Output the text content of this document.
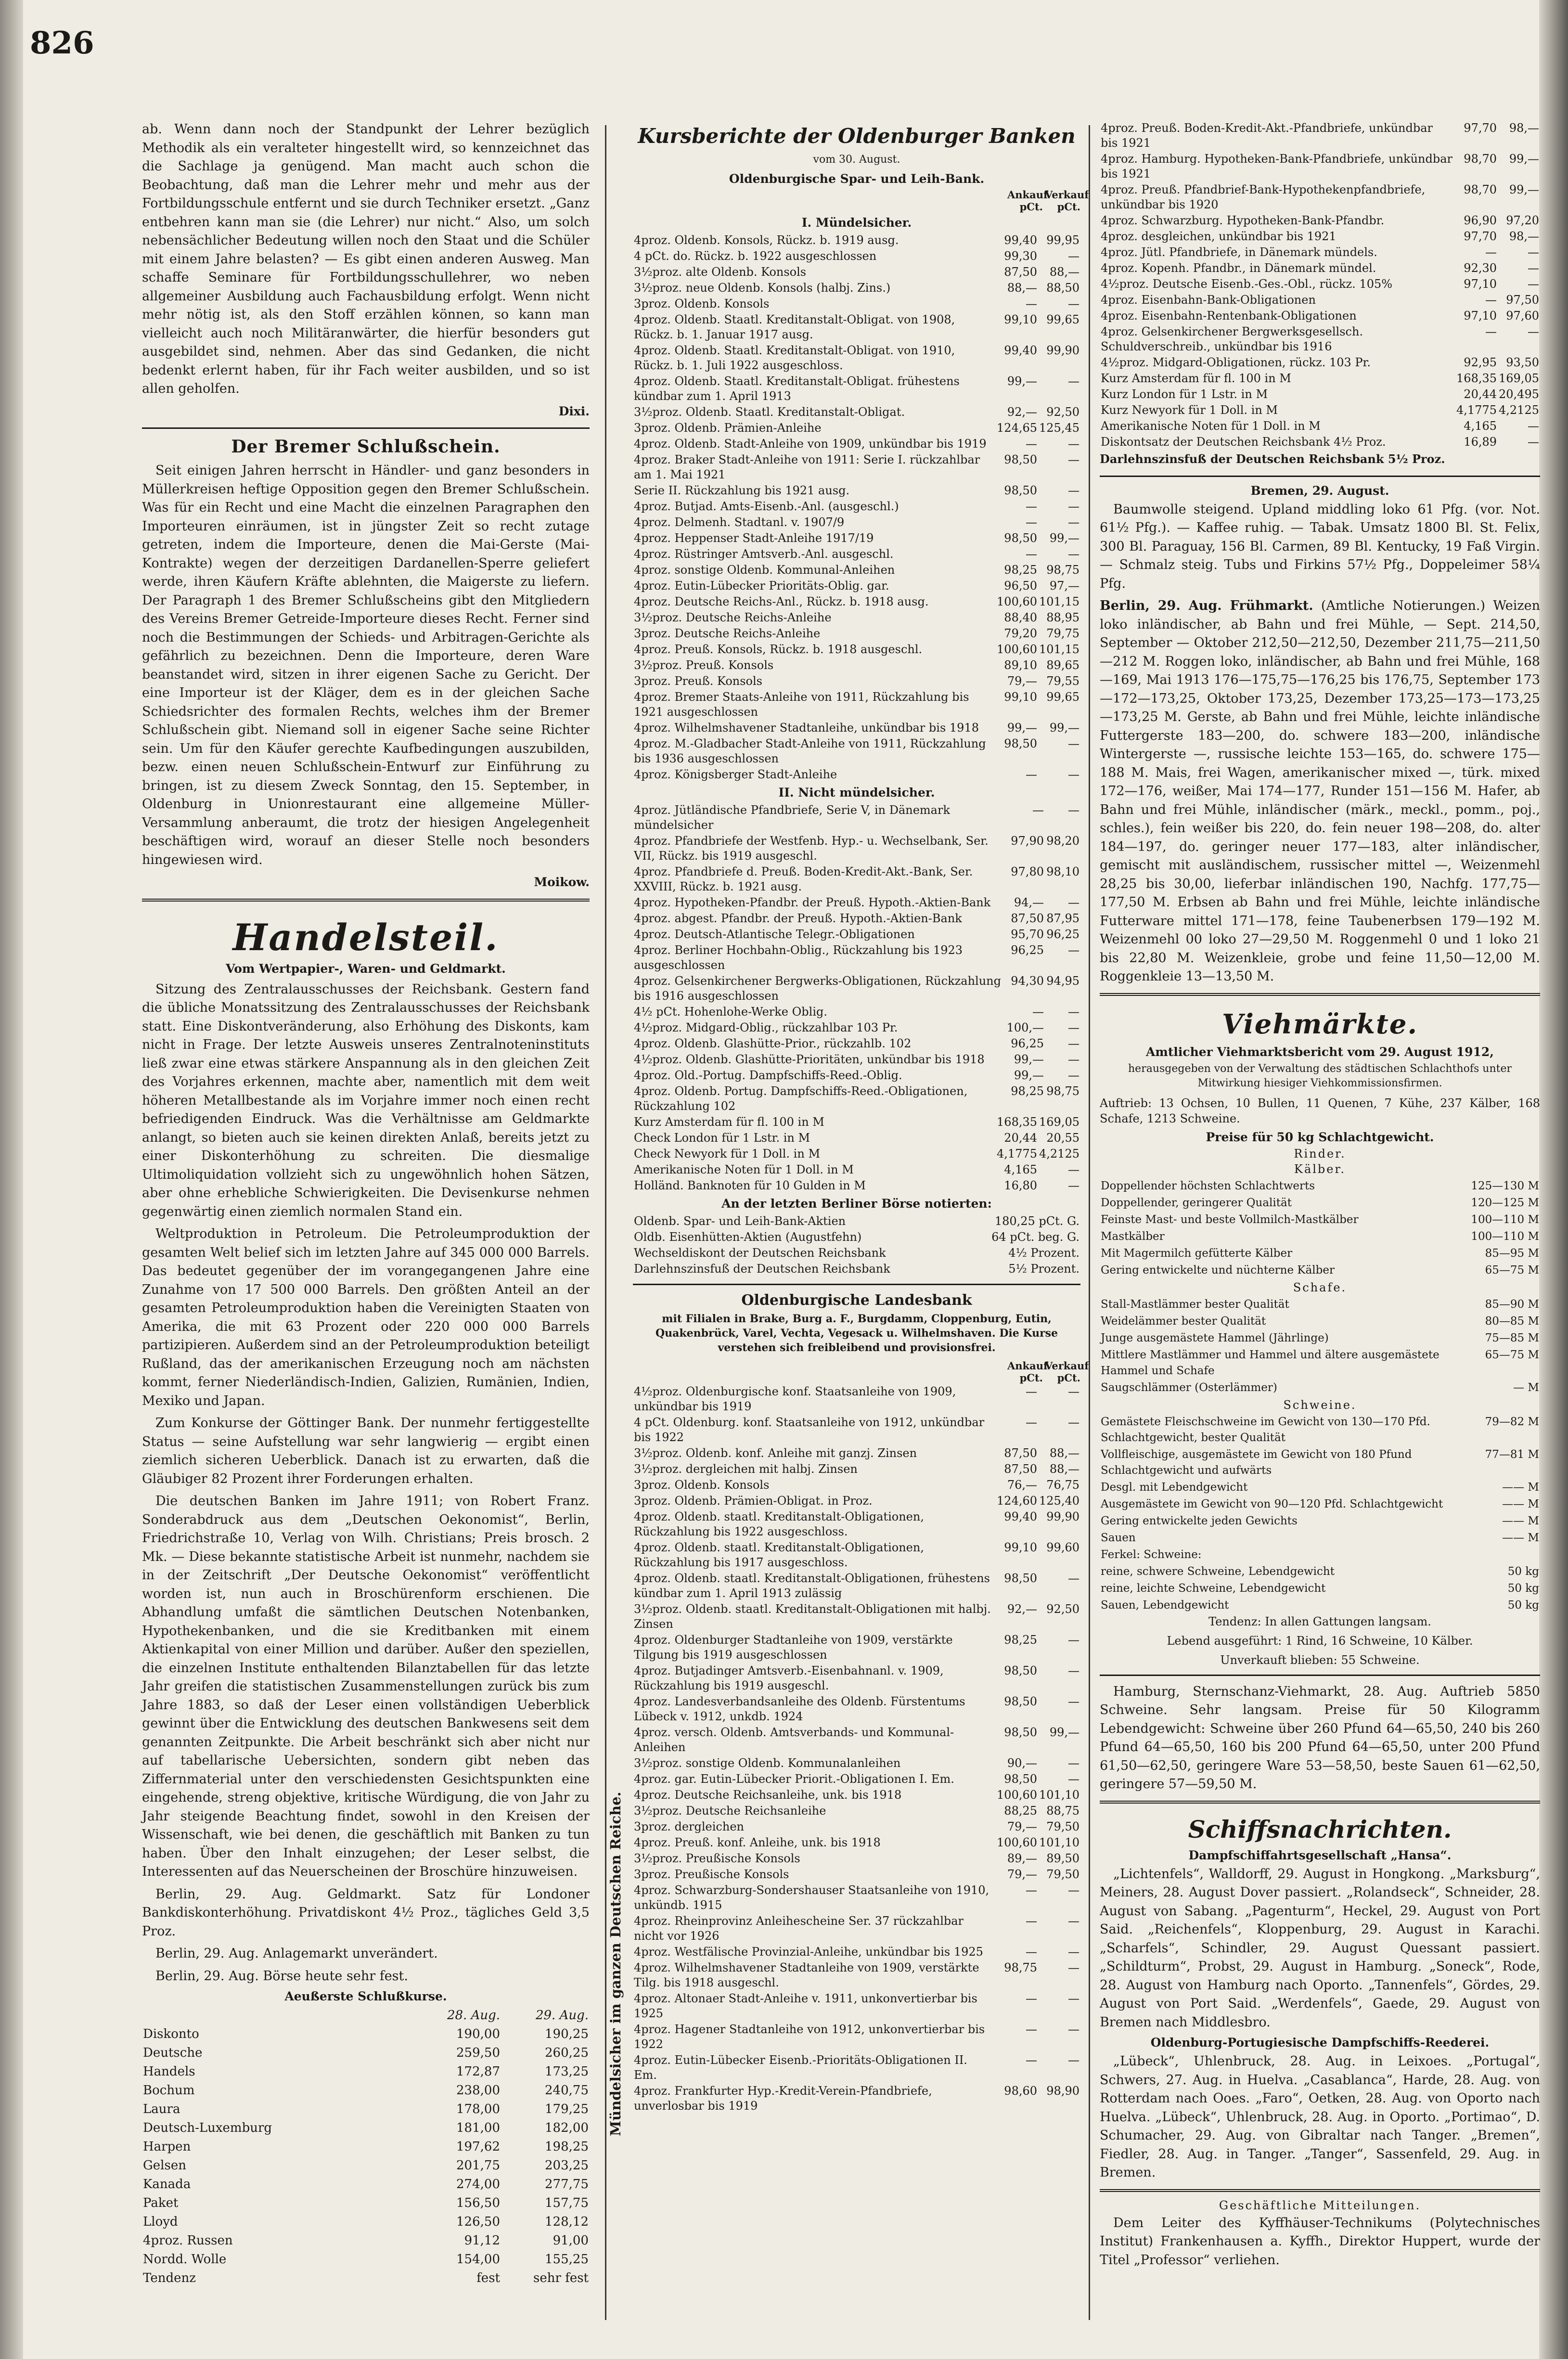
826
Mündelsicher im ganzen Deutschen Reiche.

ab. Wenn dann noch der Standpunkt der Lehrer bezüglich Methodik als ein veralteter hingestellt wird, so kennzeichnet das die Sachlage ja genügend. Man macht auch schon die Beobachtung, daß man die Lehrer mehr und mehr aus der Fortbildungsschule entfernt und sie durch Techniker ersetzt. „Ganz entbehren kann man sie (die Lehrer) nur nicht.“ Also, um solch nebensächlicher Bedeutung willen noch den Staat und die Schüler mit einem Jahre belasten? — Es gibt einen anderen Ausweg. Man schaffe Seminare für Fortbildungsschullehrer, wo neben allgemeiner Ausbildung auch Fachausbildung erfolgt. Wenn nicht mehr nötig ist, als den Stoff erzählen können, so kann man vielleicht auch noch Militäranwärter, die hierfür besonders gut ausgebildet sind, nehmen. Aber das sind Gedanken, die nicht bedenkt erlernt haben, für ihr Fach weiter ausbilden, und so ist allen geholfen.

Dixi.

Der Bremer Schlußschein.

Seit einigen Jahren herrscht in Händler- und ganz besonders in Müllerkreisen heftige Opposition gegen den Bremer Schlußschein. Was für ein Recht und eine Macht die einzelnen Paragraphen den Importeuren einräumen, ist in jüngster Zeit so recht zutage getreten, indem die Importeure, denen die Mai-Gerste (Mai-Kontrakte) wegen der derzeitigen Dardanellen-Sperre geliefert werde, ihren Käufern Kräfte ablehnten, die Maigerste zu liefern. Der Paragraph 1 des Bremer Schlußscheins gibt den Mitgliedern des Vereins Bremer Getreide-Importeure dieses Recht. Ferner sind noch die Bestimmungen der Schieds- und Arbitragen-Gerichte als gefährlich zu bezeichnen. Denn die Importeure, deren Ware beanstandet wird, sitzen in ihrer eigenen Sache zu Gericht. Der eine Importeur ist der Kläger, dem es in der gleichen Sache Schiedsrichter des formalen Rechts, welches ihm der Bremer Schlußschein gibt. Niemand soll in eigener Sache seine Richter sein. Um für den Käufer gerechte Kaufbedingungen auszubilden, bezw. einen neuen Schlußschein-Entwurf zur Einführung zu bringen, ist zu diesem Zweck Sonntag, den 15. September, in Oldenburg in Unionrestaurant eine allgemeine Müller-Versammlung anberaumt, die trotz der hiesigen Angelegenheit beschäftigen wird, worauf an dieser Stelle noch besonders hingewiesen wird.

Moikow.

Handelsteil.
Vom Wertpapier-, Waren- und Geldmarkt.

Sitzung des Zentralausschusses der Reichsbank. Gestern fand die übliche Monatssitzung des Zentralausschusses der Reichsbank statt. Eine Diskontveränderung, also Erhöhung des Diskonts, kam nicht in Frage. Der letzte Ausweis unseres Zentralnoteninstituts ließ zwar eine etwas stärkere Anspannung als in den gleichen Zeit des Vorjahres erkennen, machte aber, namentlich mit dem weit höheren Metallbestande als im Vorjahre immer noch einen recht befriedigenden Eindruck. Was die Verhältnisse am Geldmarkte anlangt, so bieten auch sie keinen direkten Anlaß, bereits jetzt zu einer Diskonterhöhung zu schreiten. Die diesmalige Ultimoliquidation vollzieht sich zu ungewöhnlich hohen Sätzen, aber ohne erhebliche Schwierigkeiten. Die Devisenkurse nehmen gegenwärtig einen ziemlich normalen Stand ein.

Weltproduktion in Petroleum. Die Petroleumproduktion der gesamten Welt belief sich im letzten Jahre auf 345 000 000 Barrels. Das bedeutet gegenüber der im vorangegangenen Jahre eine Zunahme von 17 500 000 Barrels. Den größten Anteil an der gesamten Petroleumproduktion haben die Vereinigten Staaten von Amerika, die mit 63 Prozent oder 220 000 000 Barrels partizipieren. Außerdem sind an der Petroleumproduktion beteiligt Rußland, das der amerikanischen Erzeugung noch am nächsten kommt, ferner Niederländisch-Indien, Galizien, Rumänien, Indien, Mexiko und Japan.

Zum Konkurse der Göttinger Bank. Der nunmehr fertiggestellte Status — seine Aufstellung war sehr langwierig — ergibt einen ziemlich sicheren Ueberblick. Danach ist zu erwarten, daß die Gläubiger 82 Prozent ihrer Forderungen erhalten.

Die deutschen Banken im Jahre 1911; von Robert Franz. Sonderabdruck aus dem „Deutschen Oekonomist“, Berlin, Friedrichstraße 10, Verlag von Wilh. Christians; Preis brosch. 2 Mk. — Diese bekannte statistische Arbeit ist nunmehr, nachdem sie in der Zeitschrift „Der Deutsche Oekonomist“ veröffentlicht worden ist, nun auch in Broschürenform erschienen. Die Abhandlung umfaßt die sämtlichen Deutschen Notenbanken, Hypothekenbanken, und die sie Kreditbanken mit einem Aktienkapital von einer Million und darüber. Außer den speziellen, die einzelnen Institute enthaltenden Bilanztabellen für das letzte Jahr greifen die statistischen Zusammenstellungen zurück bis zum Jahre 1883, so daß der Leser einen vollständigen Ueberblick gewinnt über die Entwicklung des deutschen Bankwesens seit dem genannten Zeitpunkte. Die Arbeit beschränkt sich aber nicht nur auf tabellarische Uebersichten, sondern gibt neben das Ziffernmaterial unter den verschiedensten Gesichtspunkten eine eingehende, streng objektive, kritische Würdigung, die von Jahr zu Jahr steigende Beachtung findet, sowohl in den Kreisen der Wissenschaft, wie bei denen, die geschäftlich mit Banken zu tun haben. Über den Inhalt einzugehen; der Leser selbst, die Interessenten auf das Neuerscheinen der Broschüre hinzuweisen.

Berlin, 29. Aug. Geldmarkt. Satz für Londoner Bankdiskonterhöhung. Privatdiskont 4½ Proz., tägliches Geld 3,5 Proz.

Berlin, 29. Aug. Anlagemarkt unverändert.

Berlin, 29. Aug. Börse heute sehr fest.

Aeußerste Schlußkurse.
	28. Aug.	29. Aug.
Diskonto	190,00	190,25
Deutsche	259,50	260,25
Handels	172,87	173,25
Bochum	238,00	240,75
Laura	178,00	179,25
Deutsch-Luxemburg	181,00	182,00
Harpen	197,62	198,25
Gelsen	201,75	203,25
Kanada	274,00	277,75
Paket	156,50	157,75
Lloyd	126,50	128,12
4proz. Russen	91,12	91,00
Nordd. Wolle	154,00	155,25
Tendenz	fest	sehr fest
Kursberichte der Oldenburger Banken
vom 30. August.
Oldenburgische Spar- und Leih-Bank.
Ankauf pCt.Verkauf pCt.
I. Mündelsicher.
4proz. Oldenb. Konsols, Rückz. b. 1919 ausg.	99,40	99,95
4 pCt. do. Rückz. b. 1922 ausgeschlossen	99,30	—
3½proz. alte Oldenb. Konsols	87,50	88,—
3½proz. neue Oldenb. Konsols (halbj. Zins.)	88,—	88,50
3proz. Oldenb. Konsols	—	—
4proz. Oldenb. Staatl. Kreditanstalt-Obligat. von 1908, Rückz. b. 1. Januar 1917 ausg.	99,10	99,65
4proz. Oldenb. Staatl. Kreditanstalt-Obligat. von 1910, Rückz. b. 1. Juli 1922 ausgeschloss.	99,40	99,90
4proz. Oldenb. Staatl. Kreditanstalt-Obligat. frühestens kündbar zum 1. April 1913	99,—	—
3½proz. Oldenb. Staatl. Kreditanstalt-Obligat.	92,—	92,50
3proz. Oldenb. Prämien-Anleihe	124,65	125,45
4proz. Oldenb. Stadt-Anleihe von 1909, unkündbar bis 1919	—	—
4proz. Braker Stadt-Anleihe von 1911: Serie I. rückzahlbar am 1. Mai 1921	98,50	—
Serie II. Rückzahlung bis 1921 ausg.	98,50	—
4proz. Butjad. Amts-Eisenb.-Anl. (ausgeschl.)	—	—
4proz. Delmenh. Stadtanl. v. 1907/9	—	—
4proz. Heppenser Stadt-Anleihe 1917/19	98,50	99,—
4proz. Rüstringer Amtsverb.-Anl. ausgeschl.	—	—
4proz. sonstige Oldenb. Kommunal-Anleihen	98,25	98,75
4proz. Eutin-Lübecker Prioritäts-Oblig. gar.	96,50	97,—
4proz. Deutsche Reichs-Anl., Rückz. b. 1918 ausg.	100,60	101,15
3½proz. Deutsche Reichs-Anleihe	88,40	88,95
3proz. Deutsche Reichs-Anleihe	79,20	79,75
4proz. Preuß. Konsols, Rückz. b. 1918 ausgeschl.	100,60	101,15
3½proz. Preuß. Konsols	89,10	89,65
3proz. Preuß. Konsols	79,—	79,55
4proz. Bremer Staats-Anleihe von 1911, Rückzahlung bis 1921 ausgeschlossen	99,10	99,65
4proz. Wilhelmshavener Stadtanleihe, unkündbar bis 1918	99,—	99,—
4proz. M.-Gladbacher Stadt-Anleihe von 1911, Rückzahlung bis 1936 ausgeschlossen	98,50	—
4proz. Königsberger Stadt-Anleihe	—	—
II. Nicht mündelsicher.
4proz. Jütländische Pfandbriefe, Serie V, in Dänemark mündelsicher	—	—
4proz. Pfandbriefe der Westfenb. Hyp.- u. Wechselbank, Ser. VII, Rückz. bis 1919 ausgeschl.	97,90	98,20
4proz. Pfandbriefe d. Preuß. Boden-Kredit-Akt.-Bank, Ser. XXVIII, Rückz. b. 1921 ausg.	97,80	98,10
4proz. Hypotheken-Pfandbr. der Preuß. Hypoth.-Aktien-Bank	94,—	—
4proz. abgest. Pfandbr. der Preuß. Hypoth.-Aktien-Bank	87,50	87,95
4proz. Deutsch-Atlantische Telegr.-Obligationen	95,70	96,25
4proz. Berliner Hochbahn-Oblig., Rückzahlung bis 1923 ausgeschlossen	96,25	—
4proz. Gelsenkirchener Bergwerks-Obligationen, Rückzahlung bis 1916 ausgeschlossen	94,30	94,95
4½ pCt. Hohenlohe-Werke Oblig.	—	—
4½proz. Midgard-Oblig., rückzahlbar 103 Pr.	100,—	—
4proz. Oldenb. Glashütte-Prior., rückzahlb. 102	96,25	—
4½proz. Oldenb. Glashütte-Prioritäten, unkündbar bis 1918	99,—	—
4proz. Old.-Portug. Dampfschiffs-Reed.-Oblig.	99,—	—
4proz. Oldenb. Portug. Dampfschiffs-Reed.-Obligationen, Rückzahlung 102	98,25	98,75
Kurz Amsterdam für fl. 100 in M	168,35	169,05
Check London für 1 Lstr. in M	20,44	20,55
Check Newyork für 1 Doll. in M	4,1775	4,2125
Amerikanische Noten für 1 Doll. in M	4,165	—
Holländ. Banknoten für 10 Gulden in M	16,80	—
An der letzten Berliner Börse notierten:
Oldenb. Spar- und Leih-Bank-Aktien	180,25 pCt. G.
Oldb. Eisenhütten-Aktien (Augustfehn)	64 pCt. beg. G.
Wechseldiskont der Deutschen Reichsbank	4½ Prozent.
Darlehnszinsfuß der Deutschen Reichsbank	5½ Prozent.
Oldenburgische Landesbank
mit Filialen in Brake, Burg a. F., Burgdamm, Cloppenburg, Eutin, Quakenbrück, Varel, Vechta, Vegesack u. Wilhelmshaven. Die Kurse verstehen sich freibleibend und provisionsfrei.
Ankauf pCt.Verkauf pCt.
4½proz. Oldenburgische konf. Staatsanleihe von 1909, unkündbar bis 1919	—	—
4 pCt. Oldenburg. konf. Staatsanleihe von 1912, unkündbar bis 1922	—	—
3½proz. Oldenb. konf. Anleihe mit ganzj. Zinsen	87,50	88,—
3½proz. dergleichen mit halbj. Zinsen	87,50	88,—
3proz. Oldenb. Konsols	76,—	76,75
3proz. Oldenb. Prämien-Obligat. in Proz.	124,60	125,40
4proz. Oldenb. staatl. Kreditanstalt-Obligationen, Rückzahlung bis 1922 ausgeschloss.	99,40	99,90
4proz. Oldenb. staatl. Kreditanstalt-Obligationen, Rückzahlung bis 1917 ausgeschloss.	99,10	99,60
4proz. Oldenb. staatl. Kreditanstalt-Obligationen, frühestens kündbar zum 1. April 1913 zulässig	98,50	—
3½proz. Oldenb. staatl. Kreditanstalt-Obligationen mit halbj. Zinsen	92,—	92,50
4proz. Oldenburger Stadtanleihe von 1909, verstärkte Tilgung bis 1919 ausgeschlossen	98,25	—
4proz. Butjadinger Amtsverb.-Eisenbahnanl. v. 1909, Rückzahlung bis 1919 ausgeschl.	98,50	—
4proz. Landesverbandsanleihe des Oldenb. Fürstentums Lübeck v. 1912, unkdb. 1924	98,50	—
4proz. versch. Oldenb. Amtsverbands- und Kommunal-Anleihen	98,50	99,—
3½proz. sonstige Oldenb. Kommunalanleihen	90,—	—
4proz. gar. Eutin-Lübecker Priorit.-Obligationen I. Em.	98,50	—
4proz. Deutsche Reichsanleihe, unk. bis 1918	100,60	101,10
3½proz. Deutsche Reichsanleihe	88,25	88,75
3proz. dergleichen	79,—	79,50
4proz. Preuß. konf. Anleihe, unk. bis 1918	100,60	101,10
3½proz. Preußische Konsols	89,—	89,50
3proz. Preußische Konsols	79,—	79,50
4proz. Schwarzburg-Sondershauser Staatsanleihe von 1910, unkündb. 1915	—	—
4proz. Rheinprovinz Anleihescheine Ser. 37 rückzahlbar nicht vor 1926	—	—
4proz. Westfälische Provinzial-Anleihe, unkündbar bis 1925	—	—
4proz. Wilhelmshavener Stadtanleihe von 1909, verstärkte Tilg. bis 1918 ausgeschl.	98,75	—
4proz. Altonaer Stadt-Anleihe v. 1911, unkonvertierbar bis 1925	—	—
4proz. Hagener Stadtanleihe von 1912, unkonvertierbar bis 1922	—	—
4proz. Eutin-Lübecker Eisenb.-Prioritäts-Obligationen II. Em.	—	—
4proz. Frankfurter Hyp.-Kredit-Verein-Pfandbriefe, unverlosbar bis 1919	98,60	98,90
4proz. Preuß. Boden-Kredit-Akt.-Pfandbriefe, unkündbar bis 1921	97,70	98,—
4proz. Hamburg. Hypotheken-Bank-Pfandbriefe, unkündbar bis 1921	98,70	99,—
4proz. Preuß. Pfandbrief-Bank-Hypothekenpfandbriefe, unkündbar bis 1920	98,70	99,—
4proz. Schwarzburg. Hypotheken-Bank-Pfandbr.	96,90	97,20
4proz. desgleichen, unkündbar bis 1921	97,70	98,—
4proz. Jütl. Pfandbriefe, in Dänemark mündels.	—	—
4proz. Kopenh. Pfandbr., in Dänemark mündel.	92,30	—
4½proz. Deutsche Eisenb.-Ges.-Obl., rückz. 105%	97,10	—
4proz. Eisenbahn-Bank-Obligationen	—	97,50
4proz. Eisenbahn-Rentenbank-Obligationen	97,10	97,60
4proz. Gelsenkirchener Bergwerksgesellsch. Schuldverschreib., unkündbar bis 1916	—	—
4½proz. Midgard-Obligationen, rückz. 103 Pr.	92,95	93,50
Kurz Amsterdam für fl. 100 in M	168,35	169,05
Kurz London für 1 Lstr. in M	20,44	20,495
Kurz Newyork für 1 Doll. in M	4,1775	4,2125
Amerikanische Noten für 1 Doll. in M	4,165	—
Diskontsatz der Deutschen Reichsbank 4½ Proz.	16,89	—

Darlehnszinsfuß der Deutschen Reichsbank 5½ Proz.

Bremen, 29. August.

Baumwolle steigend. Upland middling loko 61 Pfg. (vor. Not. 61½ Pfg.). — Kaffee ruhig. — Tabak. Umsatz 1800 Bl. St. Felix, 300 Bl. Paraguay, 156 Bl. Carmen, 89 Bl. Kentucky, 19 Faß Virgin. — Schmalz steig. Tubs und Firkins 57½ Pfg., Doppeleimer 58¼ Pfg.

Berlin, 29. Aug. Frühmarkt. (Amtliche Notierungen.) Weizen loko inländischer, ab Bahn und frei Mühle, — Sept. 214,50, September — Oktober 212,50—212,50, Dezember 211,75—211,50—212 M. Roggen loko, inländischer, ab Bahn und frei Mühle, 168—169, Mai 1913 176—175,75—176,25 bis 176,75, September 173—172—173,25, Oktober 173,25, Dezember 173,25—173—173,25—173,25 M. Gerste, ab Bahn und frei Mühle, leichte inländische Futtergerste 183—200, do. schwere 183—200, inländische Wintergerste —, russische leichte 153—165, do. schwere 175—188 M. Mais, frei Wagen, amerikanischer mixed —, türk. mixed 172—176, weißer, Mai 174—177, Runder 151—156 M. Hafer, ab Bahn und frei Mühle, inländischer (märk., meckl., pomm., poj., schles.), fein weißer bis 220, do. fein neuer 198—208, do. alter 184—197, do. geringer neuer 177—183, alter inländischer, gemischt mit ausländischem, russischer mittel —, Weizenmehl 28,25 bis 30,00, lieferbar inländischen 190, Nachfg. 177,75—177,50 M. Erbsen ab Bahn und frei Mühle, leichte inländische Futterware mittel 171—178, feine Taubenerbsen 179—192 M. Weizenmehl 00 loko 27—29,50 M. Roggenmehl 0 und 1 loko 21 bis 22,80 M. Weizenkleie, grobe und feine 11,50—12,00 M. Roggenkleie 13—13,50 M.

Viehmärkte.
Amtlicher Viehmarktsbericht vom 29. August 1912,
herausgegeben von der Verwaltung des städtischen Schlachthofs unter Mitwirkung hiesiger Viehkommissionsfirmen.

Auftrieb: 13 Ochsen, 10 Bullen, 11 Quenen, 7 Kühe, 237 Kälber, 168 Schafe, 1213 Schweine.

Preise für 50 kg Schlachtgewicht.
Rinder.
Kälber.
Doppellender höchsten Schlachtwerts	125—130 M
Doppellender, geringerer Qualität	120—125 M
Feinste Mast- und beste Vollmilch-Mastkälber	100—110 M
Mastkälber	100—110 M
Mit Magermilch gefütterte Kälber	85—95 M
Gering entwickelte und nüchterne Kälber	65—75 M
Schafe.
Stall-Mastlämmer bester Qualität	85—90 M
Weidelämmer bester Qualität	80—85 M
Junge ausgemästete Hammel (Jährlinge)	75—85 M
Mittlere Mastlämmer und Hammel und ältere ausgemästete Hammel und Schafe	65—75 M
Saugschlämmer (Osterlämmer)	— M
Schweine.
Gemästete Fleischschweine im Gewicht von 130—170 Pfd. Schlachtgewicht, bester Qualität	79—82 M
Vollfleischige, ausgemästete im Gewicht von 180 Pfund Schlachtgewicht und aufwärts	77—81 M
Desgl. mit Lebendgewicht	—— M
Ausgemästete im Gewicht von 90—120 Pfd. Schlachtgewicht	—— M
Gering entwickelte jeden Gewichts	—— M
Sauen	—— M
Ferkel: Schweine:	
reine, schwere Schweine, Lebendgewicht	50 kg
reine, leichte Schweine, Lebendgewicht	50 kg
Sauen, Lebendgewicht	50 kg

Tendenz: In allen Gattungen langsam.

Lebend ausgeführt: 1 Rind, 16 Schweine, 10 Kälber.

Unverkauft blieben: 55 Schweine.

Hamburg, Sternschanz-Viehmarkt, 28. Aug. Auftrieb 5850 Schweine. Sehr langsam. Preise für 50 Kilogramm Lebendgewicht: Schweine über 260 Pfund 64—65,50, 240 bis 260 Pfund 64—65,50, 160 bis 200 Pfund 64—65,50, unter 200 Pfund 61,50—62,50, geringere Ware 53—58,50, beste Sauen 61—62,50, geringere 57—59,50 M.

Schiffsnachrichten.
Dampfschiffahrtsgesellschaft „Hansa“.

„Lichtenfels“, Walldorff, 29. August in Hongkong. „Marksburg“, Meiners, 28. August Dover passiert. „Rolandseck“, Schneider, 28. August von Sabang. „Pagenturm“, Heckel, 29. August von Port Said. „Reichenfels“, Kloppenburg, 29. August in Karachi. „Scharfels“, Schindler, 29. August Quessant passiert. „Schildturm“, Probst, 29. August in Hamburg. „Soneck“, Rode, 28. August von Hamburg nach Oporto. „Tannenfels“, Gördes, 29. August von Port Said. „Werdenfels“, Gaede, 29. August von Bremen nach Middlesbro.

Oldenburg-Portugiesische Dampfschiffs-Reederei.

„Lübeck“, Uhlenbruck, 28. Aug. in Leixoes. „Portugal“, Schwers, 27. Aug. in Huelva. „Casablanca“, Harde, 28. Aug. von Rotterdam nach Ooes. „Faro“, Oetken, 28. Aug. von Oporto nach Huelva. „Lübeck“, Uhlenbruck, 28. Aug. in Oporto. „Portimao“, D. Schumacher, 29. Aug. von Gibraltar nach Tanger. „Bremen“, Fiedler, 28. Aug. in Tanger. „Tanger“, Sassenfeld, 29. Aug. in Bremen.

Geschäftliche Mitteilungen.

Dem Leiter des Kyffhäuser-Technikums (Polytechnisches Institut) Frankenhausen a. Kyffh., Direktor Huppert, wurde der Titel „Professor“ verliehen.
